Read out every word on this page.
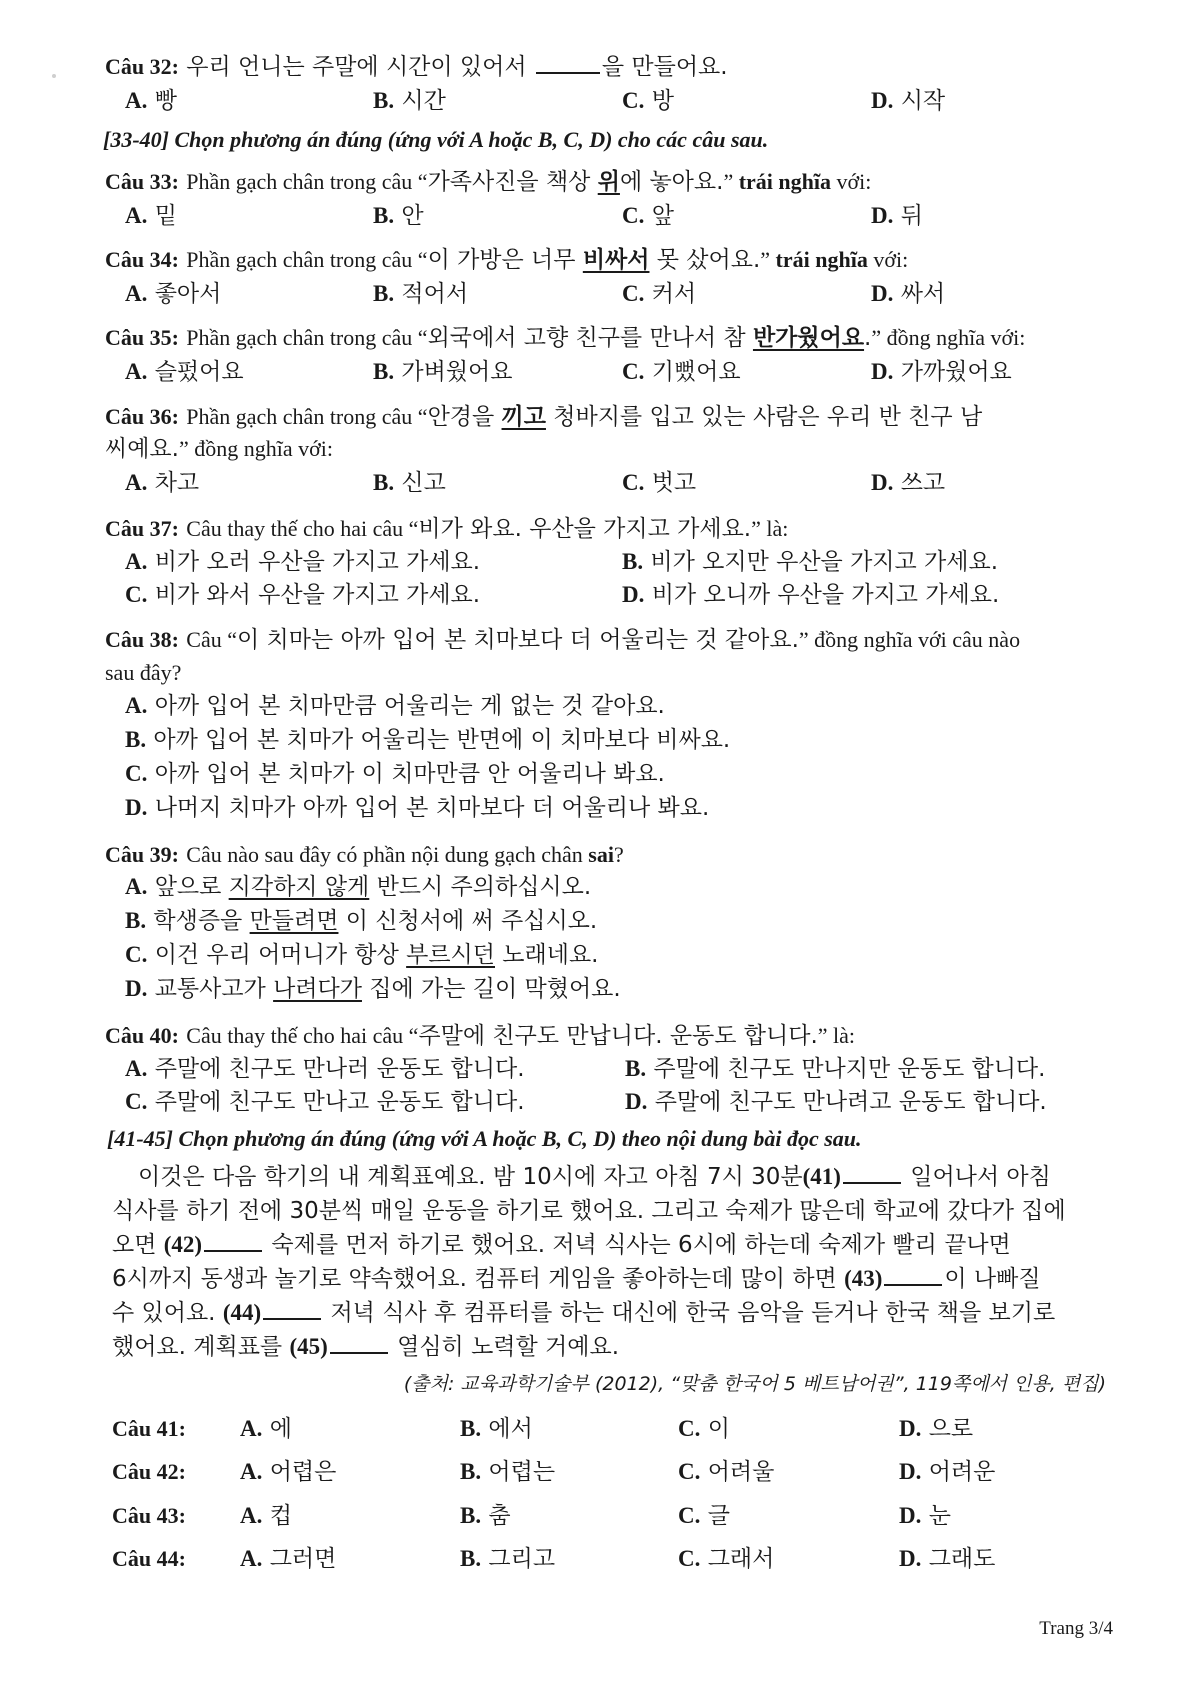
Câu 32: 우리 언니는 주말에 시간이 있어서	을 만들어요.
A. 빵	B. 시간	C. 방	D. 시작
[33-40] Chọn phương án đúng (ứng với A hoặc B, C, D) cho các câu sau.
Câu 33: Phần gạch chân trong câu “가족사진을 책상 위에 놓아요.” trái nghĩa với:
A. 밑	B. 안	C. 앞	D. 뒤
Câu 34: Phần gạch chân trong câu “이 가방은 너무 비싸서 못 샀어요.” trái nghĩa với:
A. 좋아서	B. 적어서	C. 커서	D. 싸서
Câu 35: Phần gạch chân trong câu “외국에서 고향 친구를 만나서 참 반가웠어요.” đồng nghĩa với:
A. 슬펐어요	B. 가벼웠어요	C. 기뻤어요	D. 가까웠어요
Câu 36: Phần gạch chân trong câu “안경을 끼고 청바지를 입고 있는 사람은 우리 반 친구 남
씨예요.” đồng nghĩa với:
A. 차고	B. 신고	C. 벗고	D. 쓰고
Câu 37: Câu thay thế cho hai câu “비가 와요. 우산을 가지고 가세요.” là:
A. 비가 오러 우산을 가지고 가세요.	B. 비가 오지만 우산을 가지고 가세요.
C. 비가 와서 우산을 가지고 가세요.	D. 비가 오니까 우산을 가지고 가세요.
Câu 38: Câu “이 치마는 아까 입어 본 치마보다 더 어울리는 것 같아요.” đồng nghĩa với câu nào
sau đây?
A. 아까 입어 본 치마만큼 어울리는 게 없는 것 같아요.
B. 아까 입어 본 치마가 어울리는 반면에 이 치마보다 비싸요.
C. 아까 입어 본 치마가 이 치마만큼 안 어울리나 봐요.
D. 나머지 치마가 아까 입어 본 치마보다 더 어울리나 봐요.
Câu 39: Câu nào sau đây có phần nội dung gạch chân sai?
A. 앞으로 지각하지 않게 반드시 주의하십시오.
B. 학생증을 만들려면 이 신청서에 써 주십시오.
C. 이건 우리 어머니가 항상 부르시던 노래네요.
D. 교통사고가 나려다가 집에 가는 길이 막혔어요.
Câu 40: Câu thay thế cho hai câu “주말에 친구도 만납니다. 운동도 합니다.” là:
A. 주말에 친구도 만나러 운동도 합니다.	B. 주말에 친구도 만나지만 운동도 합니다.
C. 주말에 친구도 만나고 운동도 합니다.	D. 주말에 친구도 만나려고 운동도 합니다.
[41-45] Chọn phương án đúng (ứng với A hoặc B, C, D) theo nội dung bài đọc sau.
이것은 다음 학기의 내 계획표예요. 밤 10시에 자고 아침 7시 30분(41)	일어나서 아침
식사를 하기 전에 30분씩 매일 운동을 하기로 했어요. 그리고 숙제가 많은데 학교에 갔다가 집에
오면 (42)	숙제를 먼저 하기로 했어요. 저녁 식사는 6시에 하는데 숙제가 빨리 끝나면
6시까지 동생과 놀기로 약속했어요. 컴퓨터 게임을 좋아하는데 많이 하면 (43)	이 나빠질
수 있어요. (44)	저녁 식사 후 컴퓨터를 하는 대신에 한국 음악을 듣거나 한국 책을 보기로
했어요. 계획표를 (45)	열심히 노력할 거예요.
(출처: 교육과학기술부 (2012), “맞춤 한국어 5 베트남어권”, 119쪽에서 인용, 편집)
Câu 41: A. 에	B. 에서	C. 이	D. 으로
Câu 42: A. 어렵은	B. 어렵는	C. 어려울	D. 어려운
Câu 43: A. 컵	B. 춤	C. 글	D. 눈
Câu 44: A. 그러면	B. 그리고	C. 그래서	D. 그래도
Trang 3/4
